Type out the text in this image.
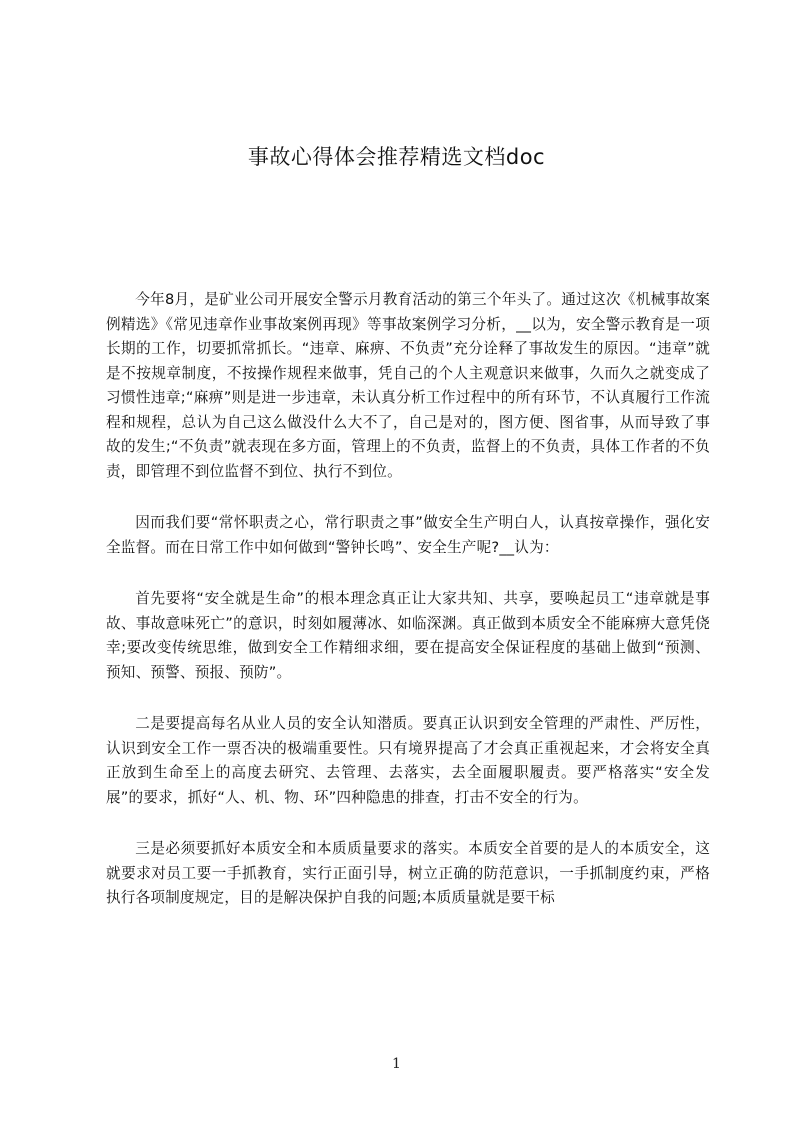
事故心得体会推荐精选文档doc

今年8月，是矿业公司开展安全警示月教育活动的第三个年头了。通过这次《机械事故案例精选》《常见违章作业事故案例再现》等事故案例学习分析，__以为，安全警示教育是一项长期的工作，切要抓常抓长。“违章、麻痹、不负责”充分诠释了事故发生的原因。“违章”就是不按规章制度，不按操作规程来做事，凭自己的个人主观意识来做事，久而久之就变成了习惯性违章;“麻痹”则是进一步违章，未认真分析工作过程中的所有环节，不认真履行工作流程和规程，总认为自己这么做没什么大不了，自己是对的，图方便、图省事，从而导致了事故的发生;“不负责”就表现在多方面，管理上的不负责，监督上的不负责，具体工作者的不负责，即管理不到位监督不到位、执行不到位。

因而我们要“常怀职责之心，常行职责之事”做安全生产明白人，认真按章操作，强化安全监督。而在日常工作中如何做到“警钟长鸣”、安全生产呢?__认为：

首先要将“安全就是生命”的根本理念真正让大家共知、共享，要唤起员工“违章就是事故、事故意味死亡”的意识，时刻如履薄冰、如临深渊。真正做到本质安全不能麻痹大意凭侥幸;要改变传统思维，做到安全工作精细求细，要在提高安全保证程度的基础上做到“预测、预知、预警、预报、预防”。

二是要提高每名从业人员的安全认知潜质。要真正认识到安全管理的严肃性、严厉性，认识到安全工作一票否决的极端重要性。只有境界提高了才会真正重视起来，才会将安全真正放到生命至上的高度去研究、去管理、去落实，去全面履职履责。要严格落实“安全发展”的要求，抓好“人、机、物、环”四种隐患的排查，打击不安全的行为。

三是必须要抓好本质安全和本质质量要求的落实。本质安全首要的是人的本质安全，这就要求对员工要一手抓教育，实行正面引导，树立正确的防范意识，一手抓制度约束，严格执行各项制度规定，目的是解决保护自我的问题;本质质量就是要干标

1
